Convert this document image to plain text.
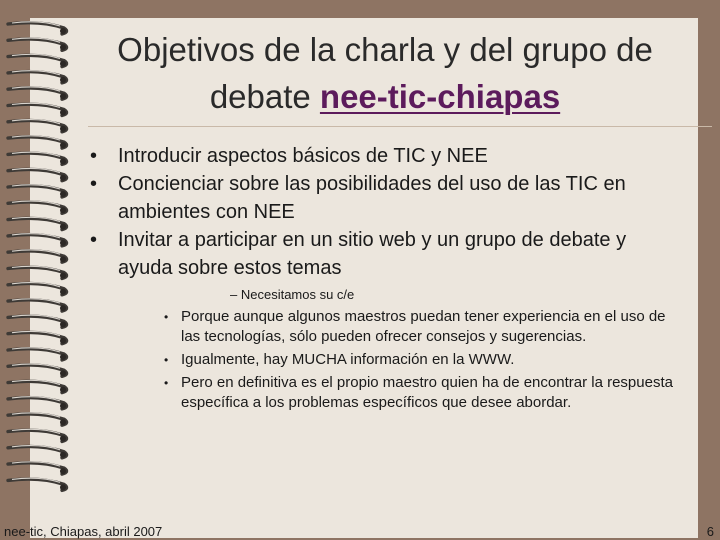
Objetivos de la charla y del grupo de
debate nee-tic-chiapas
• Introducir aspectos básicos de TIC y NEE
• Concienciar sobre las posibilidades del uso de las TIC en ambientes con NEE
• Invitar a participar en un sitio web y un grupo de debate y ayuda sobre estos temas
– Necesitamos su c/e
• Porque aunque algunos maestros puedan tener experiencia en el uso de las tecnologías, sólo pueden ofrecer consejos y sugerencias.
• Igualmente, hay MUCHA información en la WWW.
• Pero en definitiva es el propio maestro quien ha de encontrar la respuesta específica a los problemas específicos que desee abordar.
nee-tic, Chiapas, abril 2007	6
